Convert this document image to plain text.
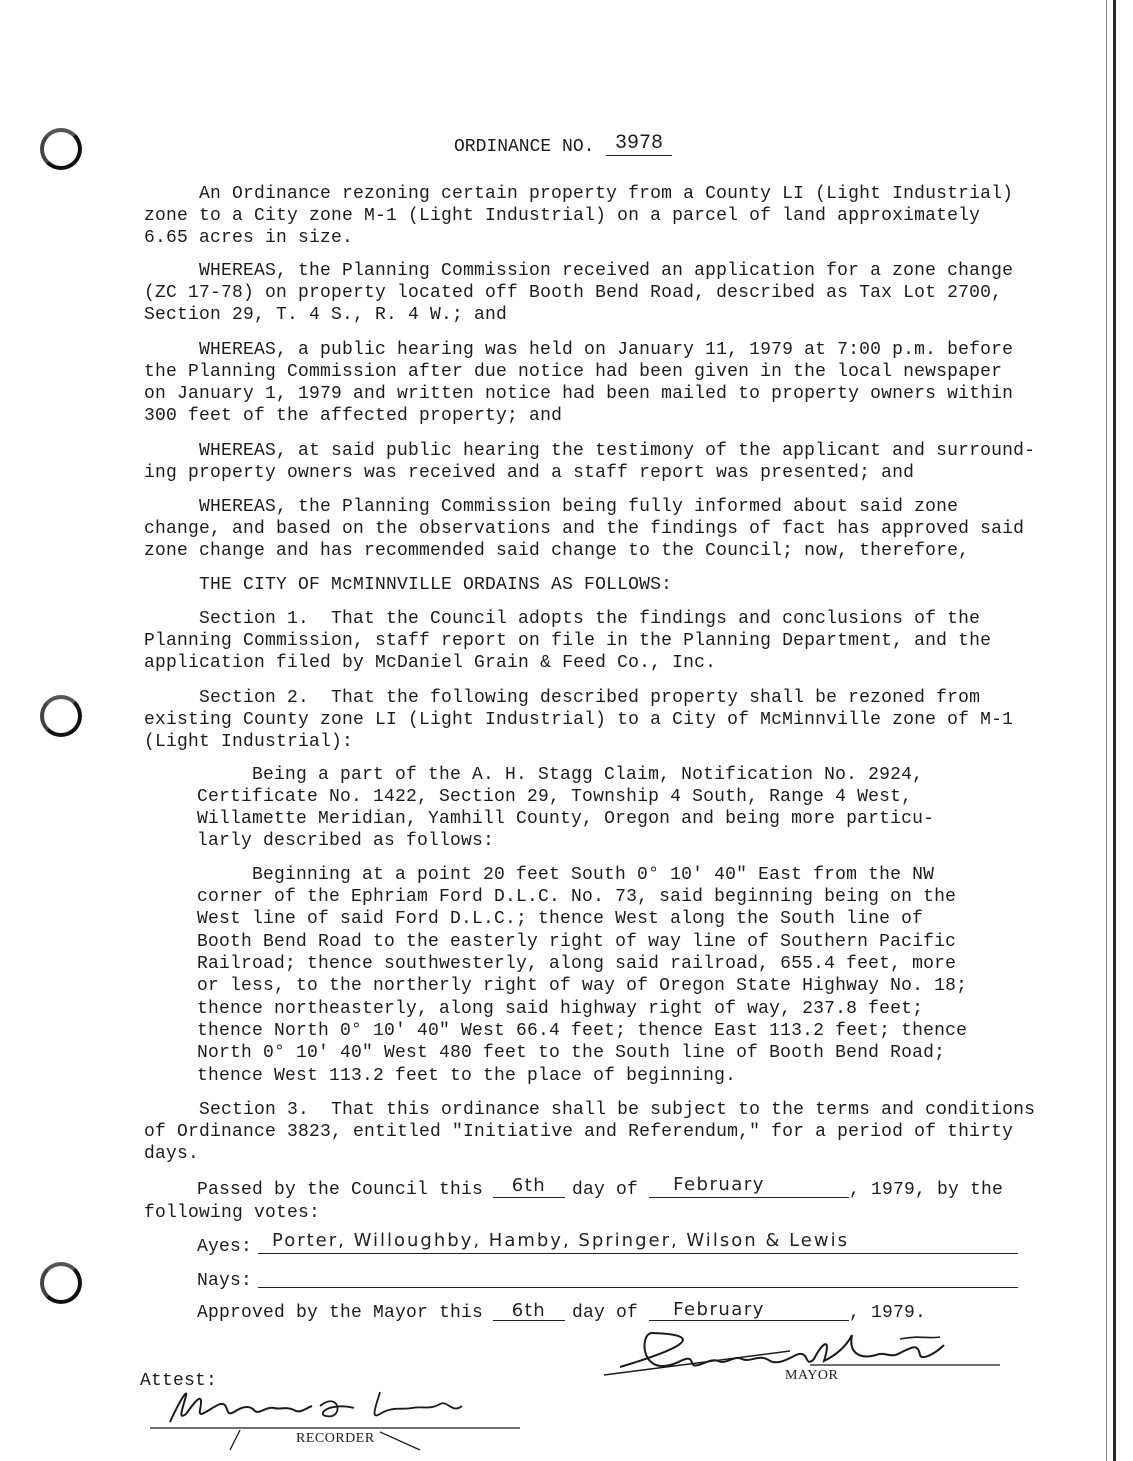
ORDINANCE NO.	3978
An Ordinance rezoning certain property from a County LI (Light Industrial)
zone to a City zone M-1 (Light Industrial) on a parcel of land approximately
6.65 acres in size.
WHEREAS, the Planning Commission received an application for a zone change
(ZC 17-78) on property located off Booth Bend Road, described as Tax Lot 2700,
Section 29, T. 4 S., R. 4 W.; and
WHEREAS, a public hearing was held on January 11, 1979 at 7:00 p.m. before
the Planning Commission after due notice had been given in the local newspaper
on January 1, 1979 and written notice had been mailed to property owners within
300 feet of the affected property; and
WHEREAS, at said public hearing the testimony of the applicant and surround-
ing property owners was received and a staff report was presented; and
WHEREAS, the Planning Commission being fully informed about said zone
change, and based on the observations and the findings of fact has approved said
zone change and has recommended said change to the Council; now, therefore,
THE CITY OF McMINNVILLE ORDAINS AS FOLLOWS:
Section 1.  That the Council adopts the findings and conclusions of the
Planning Commission, staff report on file in the Planning Department, and the
application filed by McDaniel Grain & Feed Co., Inc.
Section 2.  That the following described property shall be rezoned from
existing County zone LI (Light Industrial) to a City of McMinnville zone of M-1
(Light Industrial):
Being a part of the A. H. Stagg Claim, Notification No. 2924,
Certificate No. 1422, Section 29, Township 4 South, Range 4 West,
Willamette Meridian, Yamhill County, Oregon and being more particu-
larly described as follows:
Beginning at a point 20 feet South 0° 10' 40" East from the NW
corner of the Ephriam Ford D.L.C. No. 73, said beginning being on the
West line of said Ford D.L.C.; thence West along the South line of
Booth Bend Road to the easterly right of way line of Southern Pacific
Railroad; thence southwesterly, along said railroad, 655.4 feet, more
or less, to the northerly right of way of Oregon State Highway No. 18;
thence northeasterly, along said highway right of way, 237.8 feet;
thence North 0° 10' 40" West 66.4 feet; thence East 113.2 feet; thence
North 0° 10' 40" West 480 feet to the South line of Booth Bend Road;
thence West 113.2 feet to the place of beginning.
Section 3.  That this ordinance shall be subject to the terms and conditions
of Ordinance 3823, entitled "Initiative and Referendum," for a period of thirty
days.
Passed by the Council this	6th	day of	February	, 1979, by the
following votes:
Ayes: Porter, Willoughby, Hamby, Springer, Wilson & Lewis
Nays:
Approved by the Mayor this	6th	day of	February	, 1979.
MAYOR
Attest:
RECORDER
